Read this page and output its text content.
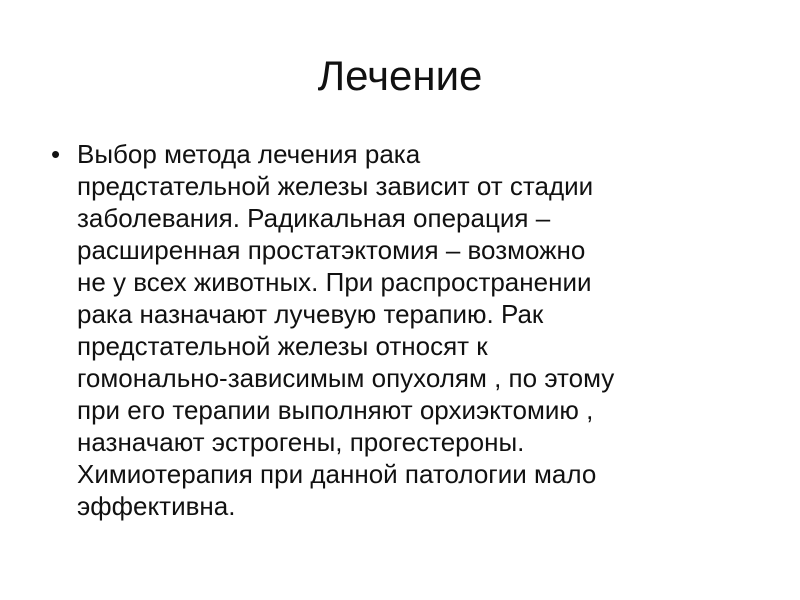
Лечение
• Выбор метода лечения рака
предстательной железы зависит от стадии
заболевания. Радикальная операция –
расширенная простатэктомия – возможно
не у всех животных. При распространении
рака назначают лучевую терапию. Рак
предстательной железы относят к
гомонально-зависимым опухолям , по этому
при его терапии выполняют орхиэктомию ,
назначают эстрогены, прогестероны.
Химиотерапия при данной патологии мало
эффективна.
